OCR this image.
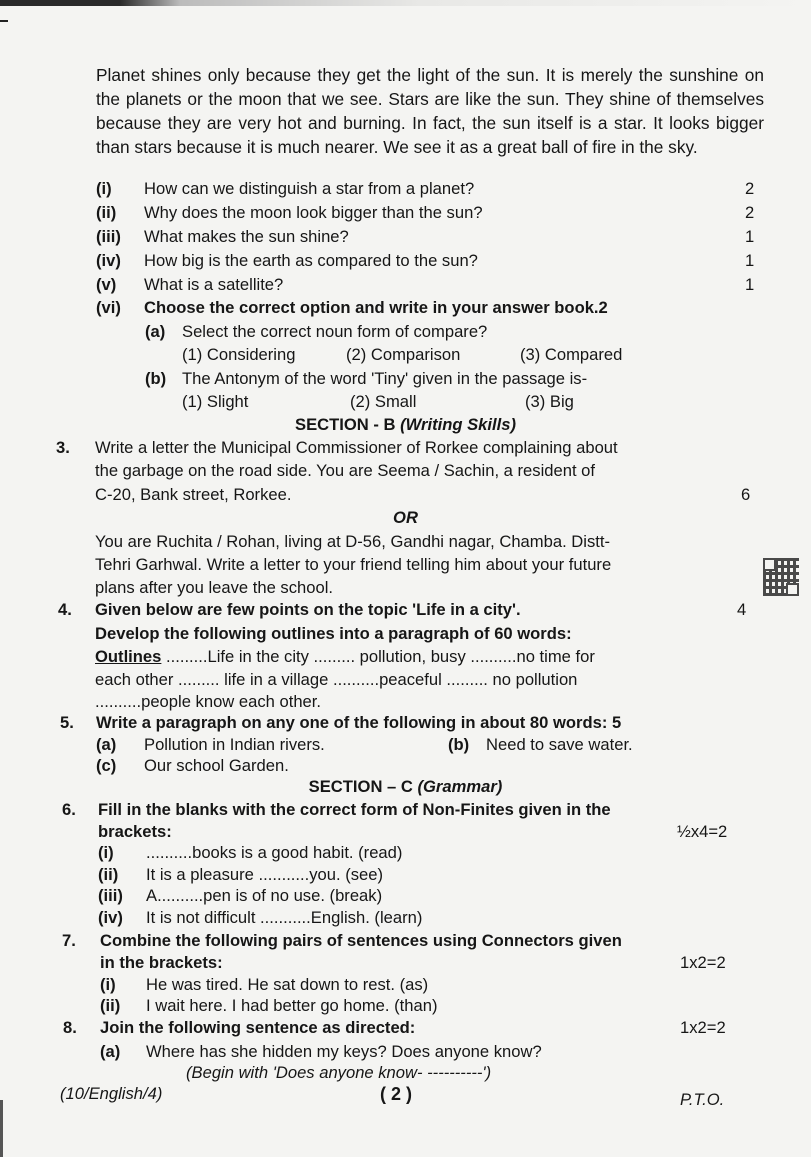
Planet shines only because they get the light of the sun. It is merely the sunshine on the planets or the moon that we see. Stars are like the sun. They shine of themselves because they are very hot and burning. In fact, the sun itself is a star. It looks bigger than stars because it is much nearer. We see it as a great ball of fire in the sky.

(i) How can we distinguish a star from a planet?	2
(ii) Why does the moon look bigger than the sun?	2
(iii) What makes the sun shine?	1
(iv) How big is the earth as compared to the sun?	1
(v) What is a satellite?	1
(vi) Choose the correct option and write in your answer book.2
(a) Select the correct noun form of compare?
(1) Considering	(2) Comparison	(3) Compared
(b) The Antonym of the word 'Tiny' given in the passage is-
(1) Slight	(2) Small	(3) Big
SECTION - B (Writing Skills)
3. Write a letter the Municipal Commissioner of Rorkee complaining about
the garbage on the road side. You are Seema / Sachin, a resident of
C-20, Bank street, Rorkee.	6
OR
You are Ruchita / Rohan, living at D-56, Gandhi nagar, Chamba. Distt-
Tehri Garhwal. Write a letter to your friend telling him about your future
plans after you leave the school.
4. Given below are few points on the topic 'Life in a city'.	4
Develop the following outlines into a paragraph of 60 words:
Outlines .........Life in the city ......... pollution, busy ..........no time for
each other ......... life in a village ..........peaceful ......... no pollution
..........people know each other.
5. Write a paragraph on any one of the following in about 80 words: 5
(a) Pollution in Indian rivers.	(b) Need to save water.
(c) Our school Garden.
SECTION – C (Grammar)
6. Fill in the blanks with the correct form of Non-Finites given in the
brackets:	½x4=2
(i) ..........books is a good habit. (read)
(ii) It is a pleasure ...........you. (see)
(iii) A..........pen is of no use. (break)
(iv) It is not difficult ...........English. (learn)
7. Combine the following pairs of sentences using Connectors given
in the brackets:	1x2=2
(i) He was tired. He sat down to rest. (as)
(ii) I wait here. I had better go home. (than)
8. Join the following sentence as directed:	1x2=2
(a) Where has she hidden my keys? Does anyone know?
(Begin with 'Does anyone know- ----------')
(10/English/4)	( 2 )	P.T.O.
